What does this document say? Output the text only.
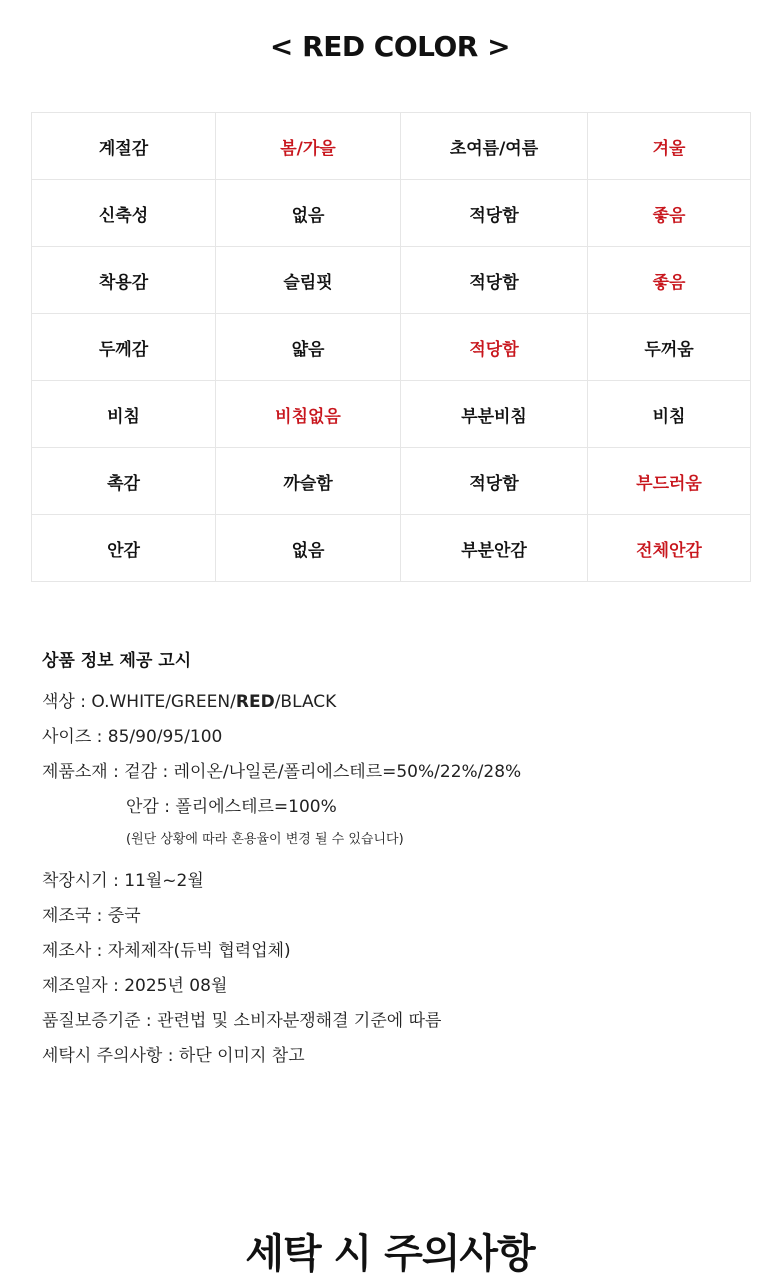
< RED COLOR >
계절감	봄/가을	초여름/여름	겨울
신축성	없음	적당함	좋음
착용감	슬림핏	적당함	좋음
두께감	얇음	적당함	두꺼움
비침	비침없음	부분비침	비침
촉감	까슬함	적당함	부드러움
안감	없음	부분안감	전체안감
상품 정보 제공 고시
색상 : O.WHITE/GREEN/RED/BLACK
사이즈 : 85/90/95/100
제품소재 : 겉감 : 레이온/나일론/폴리에스테르=50%/22%/28%
안감 : 폴리에스테르=100%
(원단 상황에 따라 혼용율이 변경 될 수 있습니다)
착장시기 : 11월~2월
제조국 : 중국
제조사 : 자체제작(듀빅 협력업체)
제조일자 : 2025년 08월
품질보증기준 : 관련법 및 소비자분쟁해결 기준에 따름
세탁시 주의사항 : 하단 이미지 참고
세탁 시 주의사항
